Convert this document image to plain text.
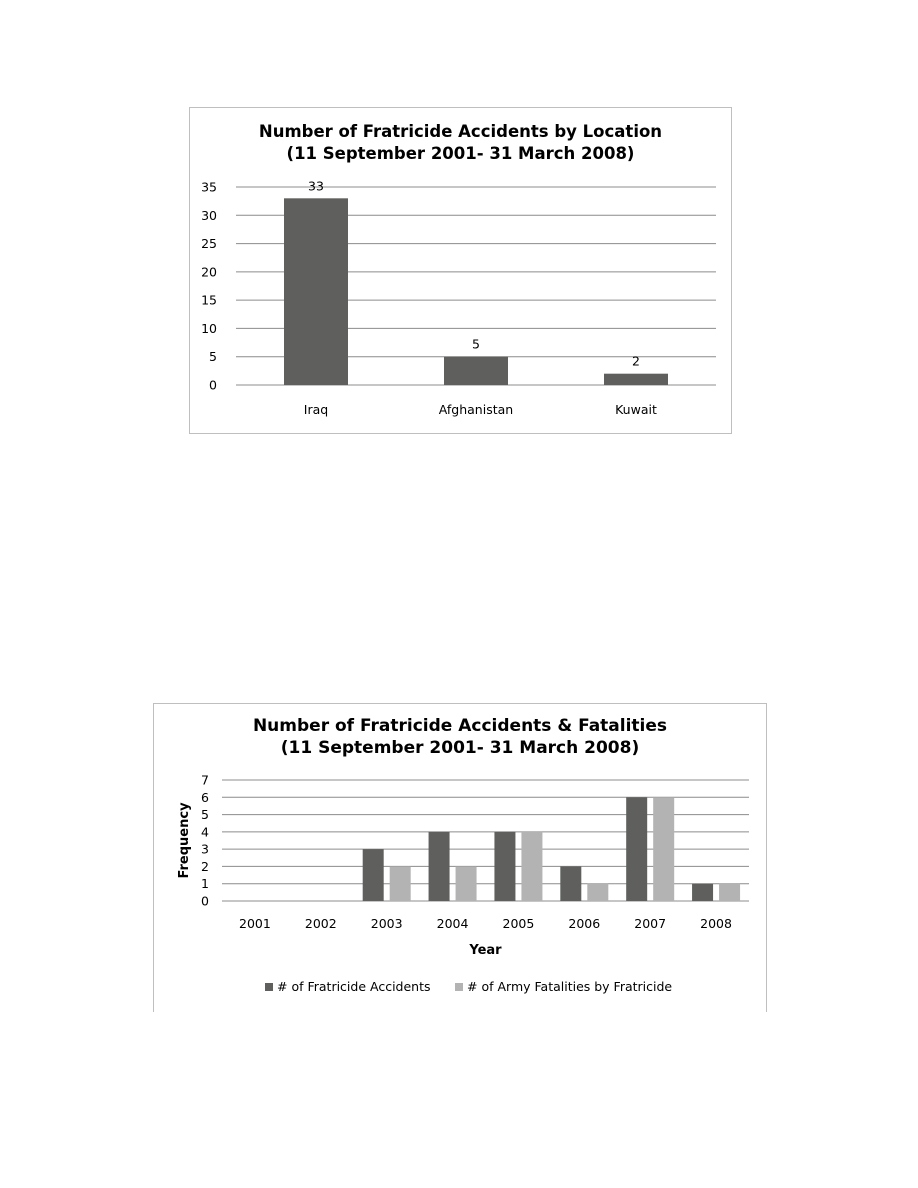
Number of Fratricide Accidents by Location
(11 September 2001- 31 March 2008)
0
5
10
15
20
25
30
35	33
Iraq
5
Afghanistan
2
Kuwait
Number of Fratricide Accidents & Fatalities
(11 September 2001- 31 March 2008)
0
1
2
3
4
5
6
7
2001	2002	2003	2004	2005	2006	2007	2008
Year
Frequency
# of Fratricide Accidents	# of Army Fatalities by Fratricide
